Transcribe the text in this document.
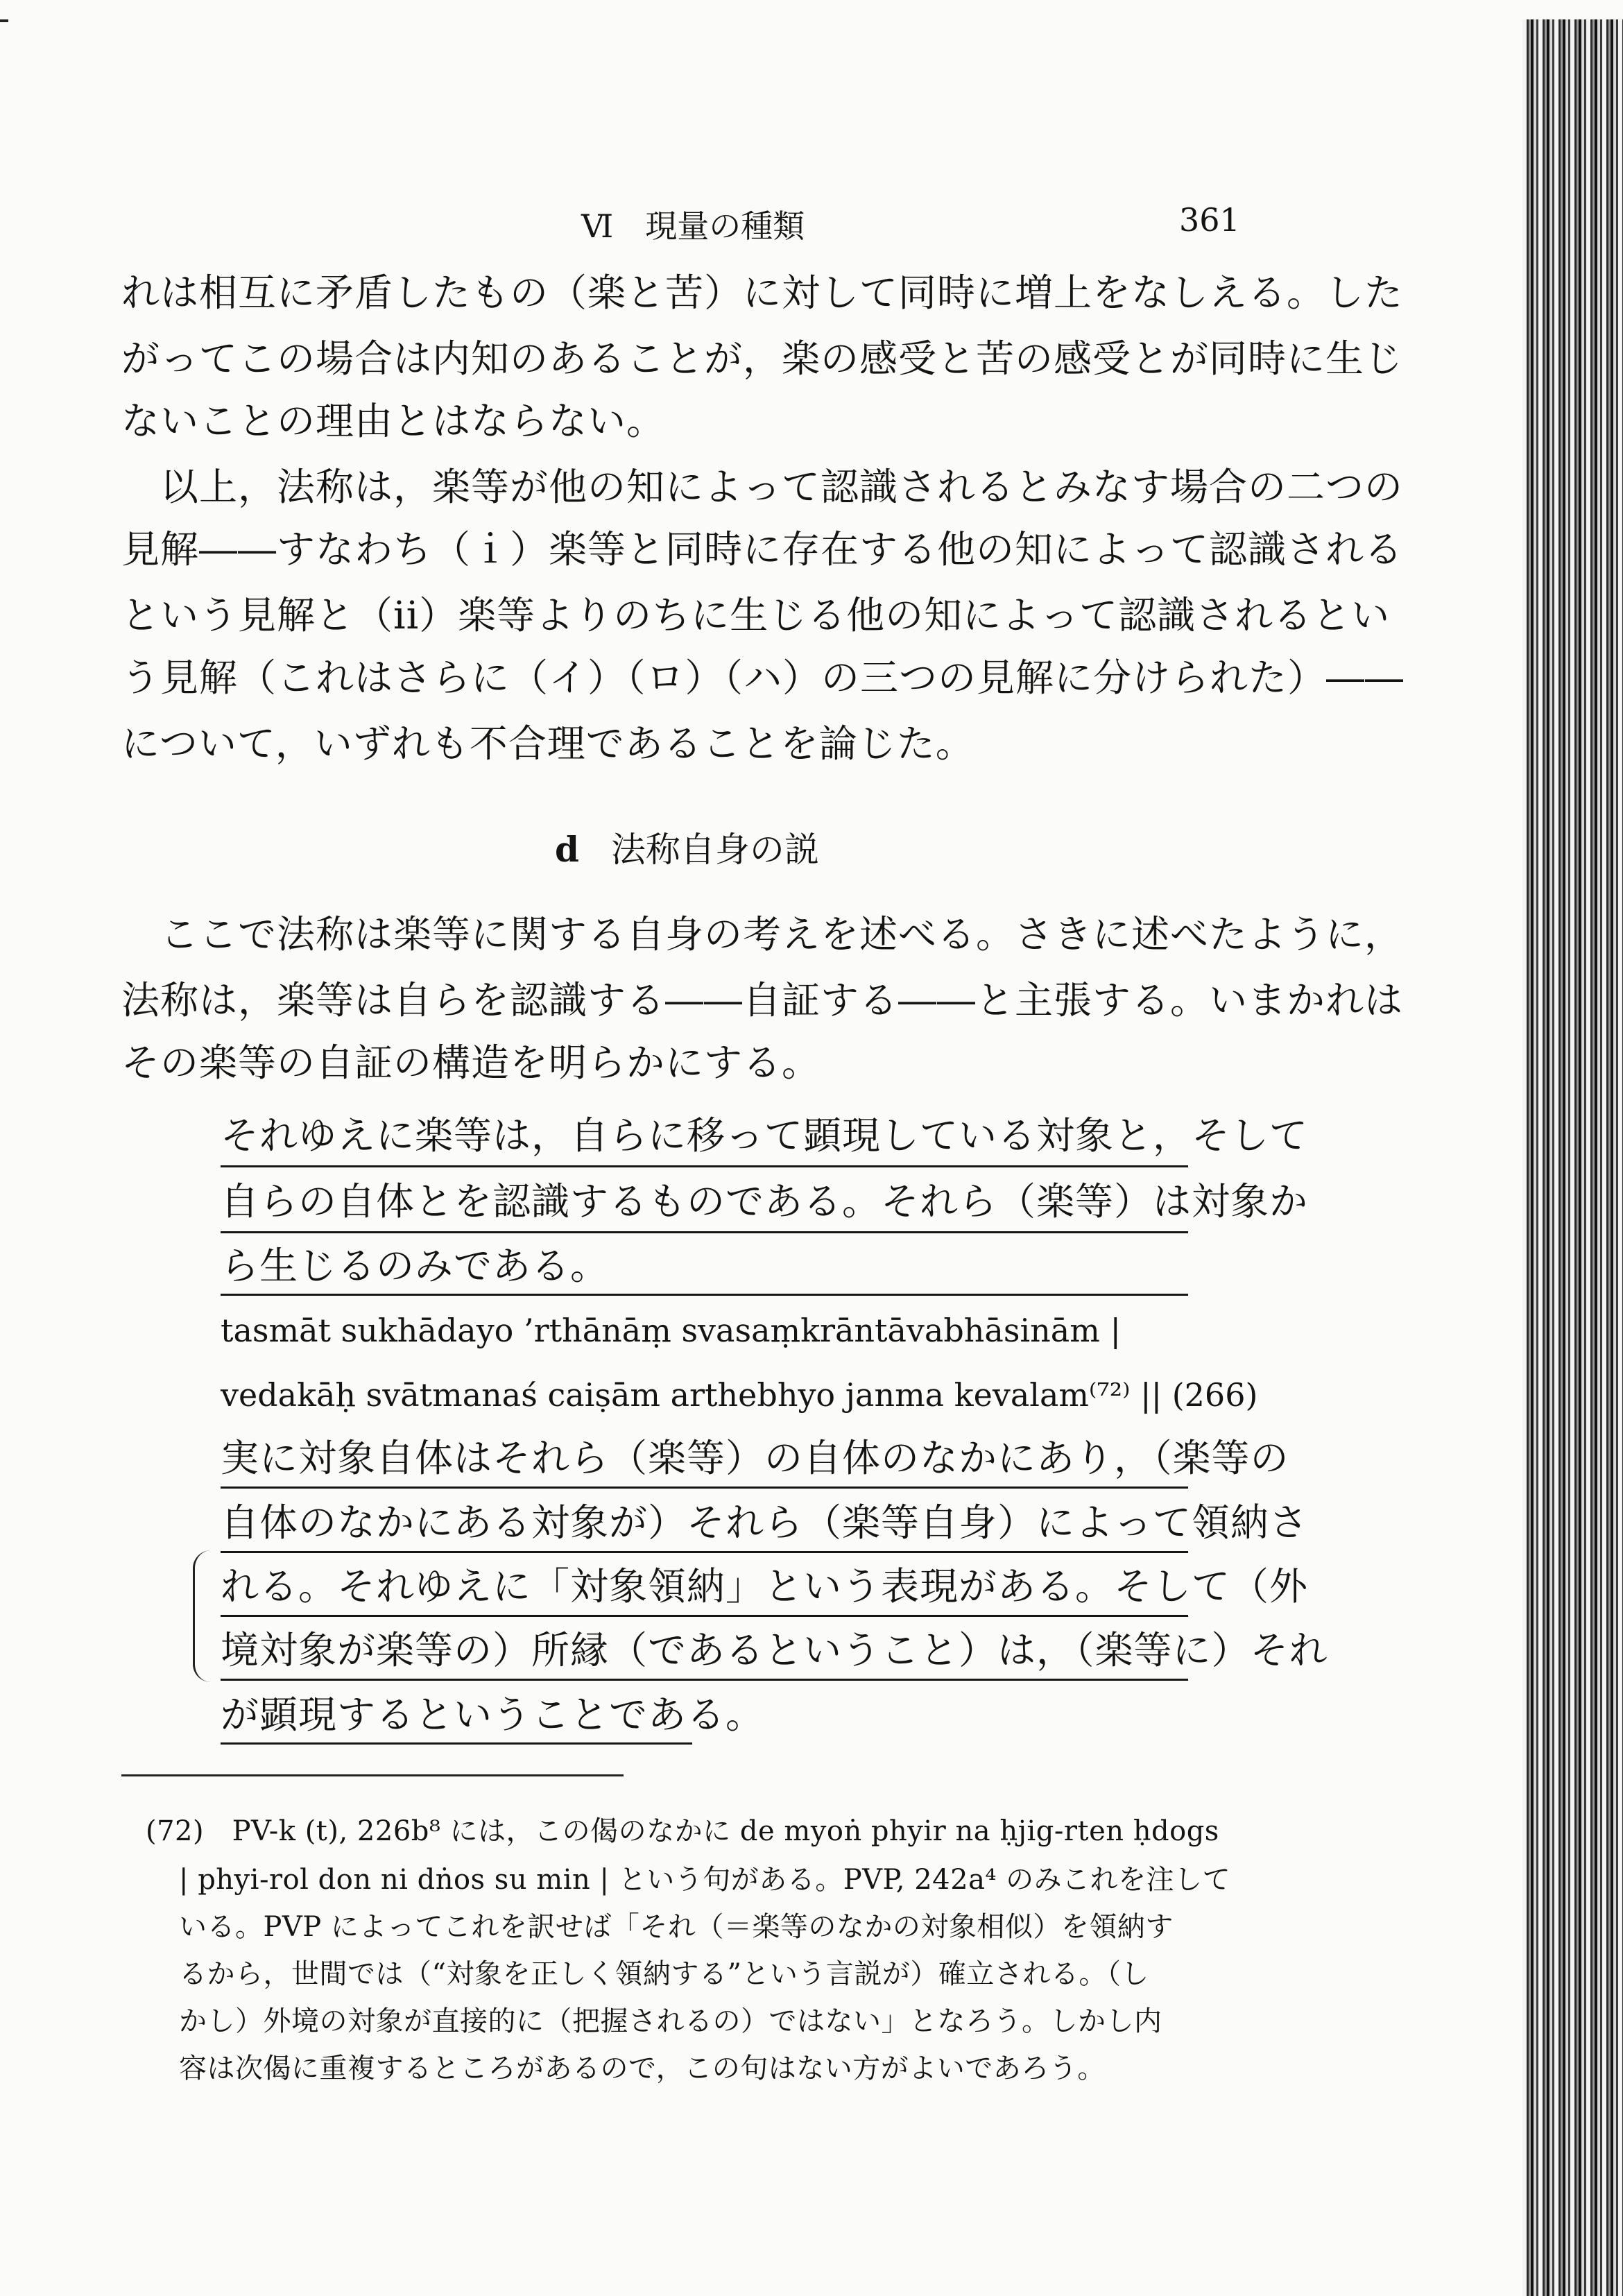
Ⅵ　現量の種類	361
れは相互に矛盾したもの（楽と苦）に対して同時に増上をなしえる。した
がってこの場合は内知のあることが，楽の感受と苦の感受とが同時に生じ
ないことの理由とはならない。
　以上，法称は，楽等が他の知によって認識されるとみなす場合の二つの
見解――すなわち（ｉ）楽等と同時に存在する他の知によって認識される
という見解と（ii）楽等よりのちに生じる他の知によって認識されるとい
う見解（これはさらに（イ）（ロ）（ハ）の三つの見解に分けられた）――
について，いずれも不合理であることを論じた。
d 法称自身の説
　ここで法称は楽等に関する自身の考えを述べる。さきに述べたように，
法称は，楽等は自らを認識する――自証する――と主張する。いまかれは
その楽等の自証の構造を明らかにする。
それゆえに楽等は，自らに移って顕現している対象と，そして
自らの自体とを認識するものである。それら（楽等）は対象か
ら生じるのみである。
tasmāt sukhādayo ’rthānāṃ svasaṃkrāntāvabhāsinām |
vedakāḥ svātmanaś caiṣām arthebhyo janma kevalam⁽⁷²⁾ || (266)
実に対象自体はそれら（楽等）の自体のなかにあり，（楽等の
自体のなかにある対象が）それら（楽等自身）によって領納さ
れる。それゆえに「対象領納」という表現がある。そして（外
境対象が楽等の）所縁（であるということ）は，（楽等に）それ
が顕現するということである。
(72)　PV-k (t), 226b⁸ には，この偈のなかに de myoṅ phyir na ḥjig-rten ḥdogs
| phyi-rol don ni dṅos su min | という句がある。PVP, 242a⁴ のみこれを注して
いる。PVP によってこれを訳せば「それ（＝楽等のなかの対象相似）を領納す
るから，世間では（“対象を正しく領納する”という言説が）確立される。（し
かし）外境の対象が直接的に（把握されるの）ではない」となろう。しかし内
容は次偈に重複するところがあるので，この句はない方がよいであろう。
